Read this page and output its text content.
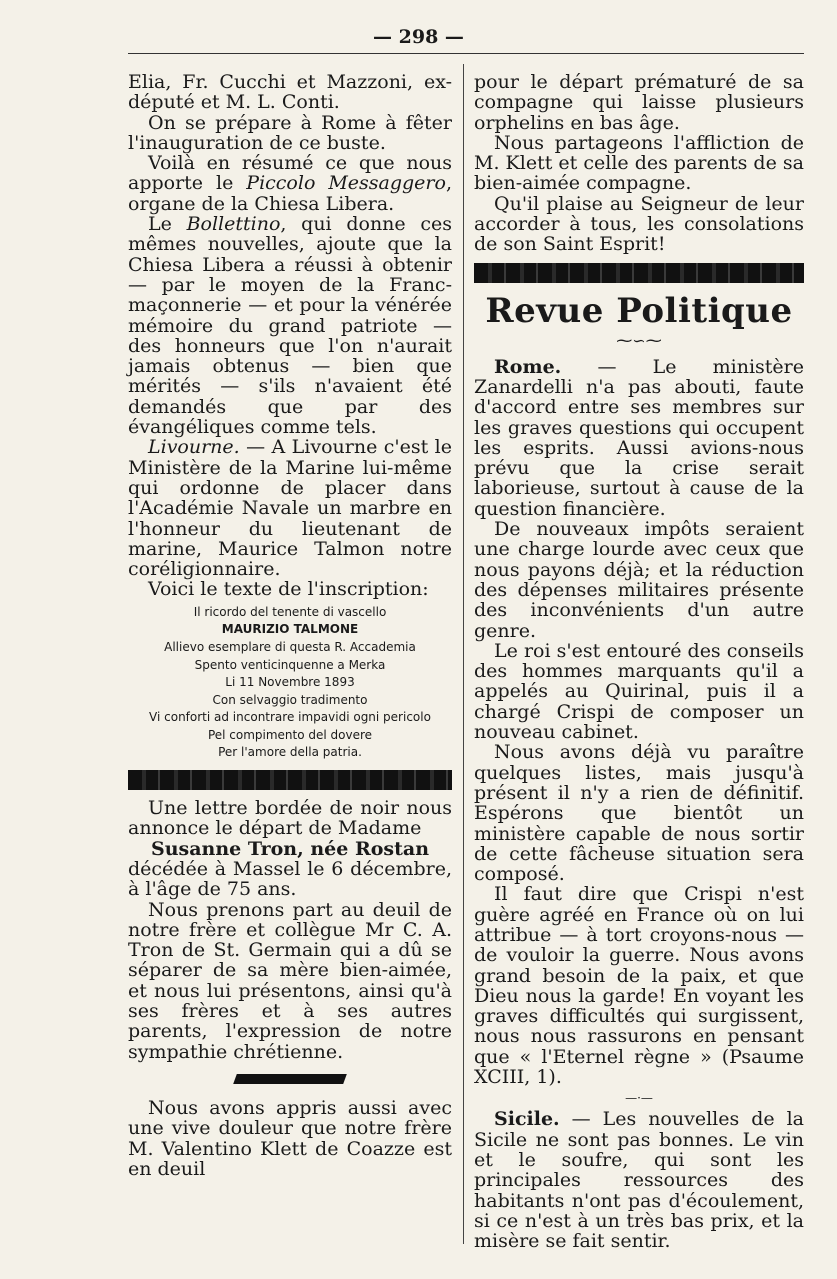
— 298 —

Elia, Fr. Cucchi et Mazzoni, ex-député et M. L. Conti.

On se prépare à Rome à fêter l'inauguration de ce buste.

Voilà en résumé ce que nous apporte le Piccolo Messaggero, organe de la Chiesa Libera.

Le Bollettino, qui donne ces mêmes nouvelles, ajoute que la Chiesa Libera a réussi à obtenir — par le moyen de la Franc-maçonnerie — et pour la vénérée mémoire du grand patriote — des honneurs que l'on n'aurait jamais obtenus — bien que mérités — s'ils n'avaient été demandés que par des évangéliques comme tels.

Livourne. — A Livourne c'est le Ministère de la Marine lui-même qui ordonne de placer dans l'Académie Navale un marbre en l'honneur du lieutenant de marine, Maurice Talmon notre coréligionnaire.

Voici le texte de l'inscription:

Il ricordo del tenente di vascello
MAURIZIO TALMONE
Allievo esemplare di questa R. Accademia
Spento venticinquenne a Merka
Li 11 Novembre 1893
Con selvaggio tradimento
Vi conforti ad incontrare impavidi ogni pericolo
Pel compimento del dovere
Per l'amore della patria.

Une lettre bordée de noir nous annonce le départ de Madame

Susanne Tron, née Rostan

décédée à Massel le 6 décembre, à l'âge de 75 ans.

Nous prenons part au deuil de notre frère et collègue Mr C. A. Tron de St. Germain qui a dû se séparer de sa mère bien-aimée, et nous lui présentons, ainsi qu'à ses frères et à ses autres parents, l'expression de notre sympathie chrétienne.

Nous avons appris aussi avec une vive douleur que notre frère M. Valentino Klett de Coazze est en deuil

pour le départ prématuré de sa compagne qui laisse plusieurs orphelins en bas âge.

Nous partageons l'affliction de M. Klett et celle des parents de sa bien-aimée compagne.

Qu'il plaise au Seigneur de leur accorder à tous, les consolations de son Saint Esprit!

Revue Politique
⁓∽⁓

Rome. — Le ministère Zanardelli n'a pas abouti, faute d'accord entre ses membres sur les graves questions qui occupent les esprits. Aussi avions-nous prévu que la crise serait laborieuse, surtout à cause de la question financière.

De nouveaux impôts seraient une charge lourde avec ceux que nous payons déjà; et la réduction des dépenses militaires présente des inconvénients d'un autre genre.

Le roi s'est entouré des conseils des hommes marquants qu'il a appelés au Quirinal, puis il a chargé Crispi de composer un nouveau cabinet.

Nous avons déjà vu paraître quelques listes, mais jusqu'à présent il n'y a rien de définitif. Espérons que bientôt un ministère capable de nous sortir de cette fâcheuse situation sera composé.

Il faut dire que Crispi n'est guère agréé en France où on lui attribue — à tort croyons-nous — de vouloir la guerre. Nous avons grand besoin de la paix, et que Dieu nous la garde! En voyant les graves difficultés qui surgissent, nous nous rassurons en pensant que « l'Eternel règne » (Psaume XCIII, 1).

—·—

Sicile. — Les nouvelles de la Sicile ne sont pas bonnes. Le vin et le soufre, qui sont les principales ressources des habitants n'ont pas d'écoulement, si ce n'est à un très bas prix, et la misère se fait sentir.
